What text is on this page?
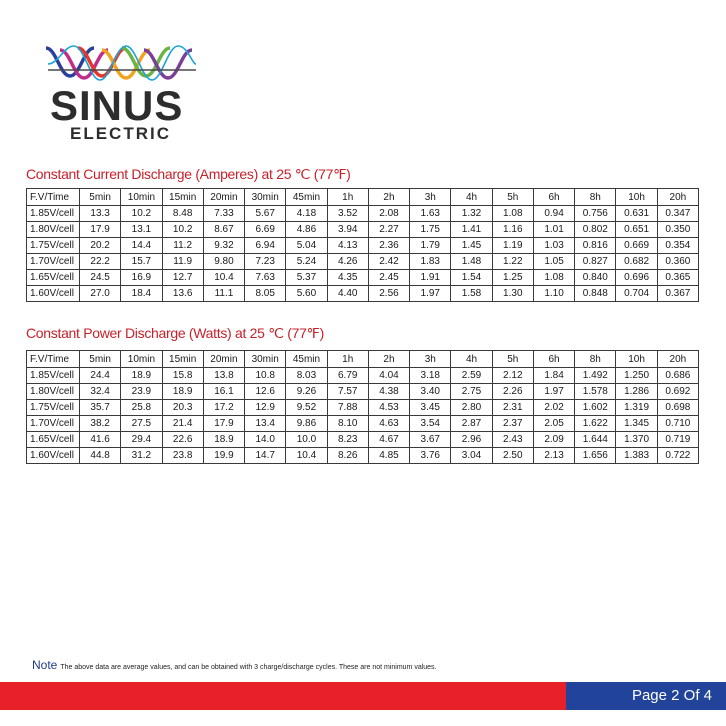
SINUS
ELECTRIC
Constant Current Discharge (Amperes) at 25 ℃ (77℉)
F.V/Time	5min	10min	15min	20min	30min	45min	1h	2h	3h	4h	5h	6h	8h	10h	20h
1.85V/cell	13.3	10.2	8.48	7.33	5.67	4.18	3.52	2.08	1.63	1.32	1.08	0.94	0.756	0.631	0.347
1.80V/cell	17.9	13.1	10.2	8.67	6.69	4.86	3.94	2.27	1.75	1.41	1.16	1.01	0.802	0.651	0.350
1.75V/cell	20.2	14.4	11.2	9.32	6.94	5.04	4.13	2.36	1.79	1.45	1.19	1.03	0.816	0.669	0.354
1.70V/cell	22.2	15.7	11.9	9.80	7.23	5.24	4.26	2.42	1.83	1.48	1.22	1.05	0.827	0.682	0.360
1.65V/cell	24.5	16.9	12.7	10.4	7.63	5.37	4.35	2.45	1.91	1.54	1.25	1.08	0.840	0.696	0.365
1.60V/cell	27.0	18.4	13.6	11.1	8.05	5.60	4.40	2.56	1.97	1.58	1.30	1.10	0.848	0.704	0.367
Constant Power Discharge (Watts) at 25 ℃ (77℉)
F.V/Time	5min	10min	15min	20min	30min	45min	1h	2h	3h	4h	5h	6h	8h	10h	20h
1.85V/cell	24.4	18.9	15.8	13.8	10.8	8.03	6.79	4.04	3.18	2.59	2.12	1.84	1.492	1.250	0.686
1.80V/cell	32.4	23.9	18.9	16.1	12.6	9.26	7.57	4.38	3.40	2.75	2.26	1.97	1.578	1.286	0.692
1.75V/cell	35.7	25.8	20.3	17.2	12.9	9.52	7.88	4.53	3.45	2.80	2.31	2.02	1.602	1.319	0.698
1.70V/cell	38.2	27.5	21.4	17.9	13.4	9.86	8.10	4.63	3.54	2.87	2.37	2.05	1.622	1.345	0.710
1.65V/cell	41.6	29.4	22.6	18.9	14.0	10.0	8.23	4.67	3.67	2.96	2.43	2.09	1.644	1.370	0.719
1.60V/cell	44.8	31.2	23.8	19.9	14.7	10.4	8.26	4.85	3.76	3.04	2.50	2.13	1.656	1.383	0.722
Note The above data are average values, and can be obtained with 3 charge/discharge cycles. These are not minimum values.
Page 2 Of 4
